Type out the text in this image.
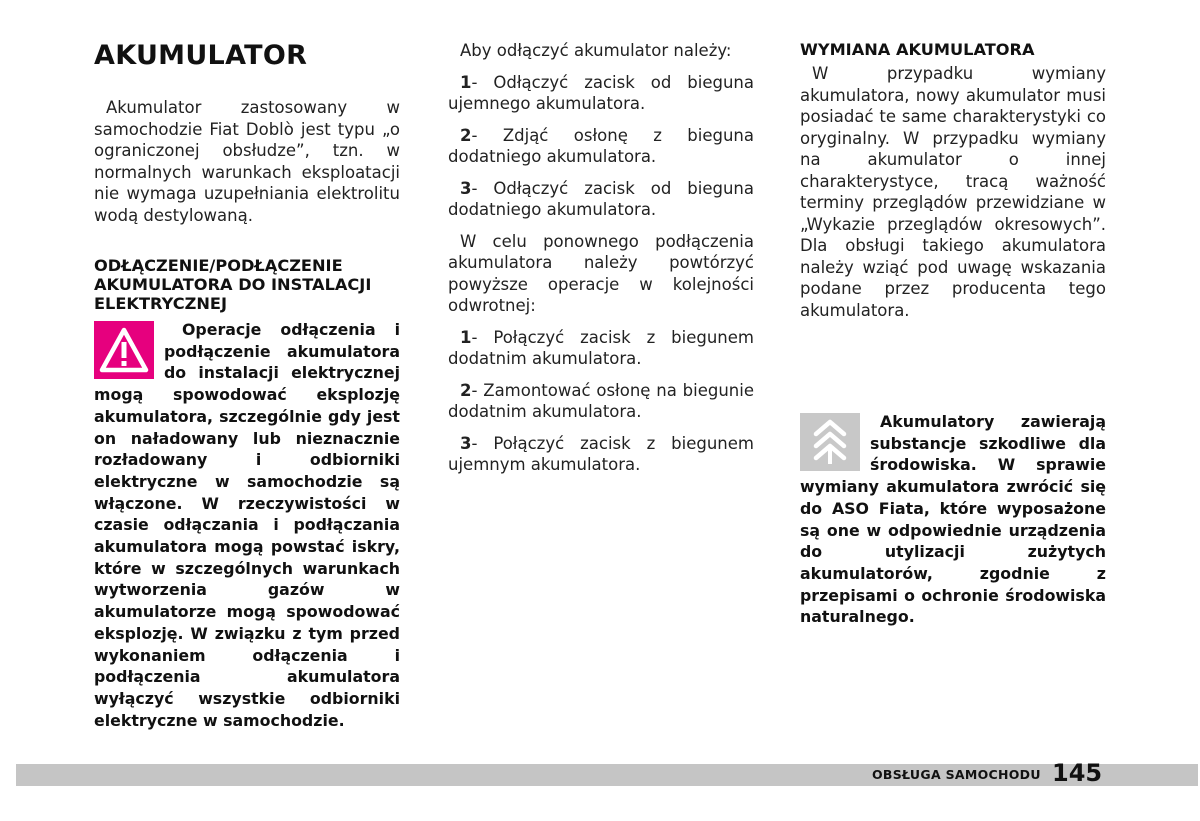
AKUMULATOR

Akumulator zastosowany w samochodzie Fiat Doblò jest typu „o ograniczonej obsłudze”, tzn. w normalnych warunkach eksploatacji nie wymaga uzupełniania elektrolitu wodą destylowaną.

ODŁĄCZENIE/PODŁĄCZENIE AKUMULATORA DO INSTALACJI ELEKTRYCZNEJ

Operacje odłączenia i podłączenie akumulatora do instalacji elektrycznej mogą spowodować eksplozję akumulatora, szczególnie gdy jest on naładowany lub nieznacznie rozładowany i odbiorniki elektryczne w samochodzie są włączone. W rzeczywistości w czasie odłączania i podłączania akumulatora mogą powstać iskry, które w szczególnych warunkach wytworzenia gazów w akumulatorze mogą spowodować eksplozję. W związku z tym przed wykonaniem odłączenia i podłączenia akumulatora wyłączyć wszystkie odbiorniki elektryczne w samochodzie.

Aby odłączyć akumulator należy:

1- Odłączyć zacisk od bieguna ujemnego akumulatora.

2- Zdjąć osłonę z bieguna dodatniego akumulatora.

3- Odłączyć zacisk od bieguna dodatniego akumulatora.

W celu ponownego podłączenia akumulatora należy powtórzyć powyższe operacje w kolejności odwrotnej:

1- Połączyć zacisk z biegunem dodatnim akumulatora.

2- Zamontować osłonę na biegunie dodatnim akumulatora.

3- Połączyć zacisk z biegunem ujemnym akumulatora.

WYMIANA AKUMULATORA

W przypadku wymiany akumulatora, nowy akumulator musi posiadać te same charakterystyki co oryginalny. W przypadku wymiany na akumulator o innej charakterystyce, tracą ważność terminy przeglądów przewidziane w „Wykazie przeglądów okresowych”. Dla obsługi takiego akumulatora należy wziąć pod uwagę wskazania podane przez producenta tego akumulatora.

Akumulatory zawierają substancje szkodliwe dla środowiska. W sprawie wymiany akumulatora zwrócić się do ASO Fiata, które wyposażone są one w odpowiednie urządzenia do utylizacji zużytych akumulatorów, zgodnie z przepisami o ochronie środowiska naturalnego.

OBSŁUGA SAMOCHODU 145
